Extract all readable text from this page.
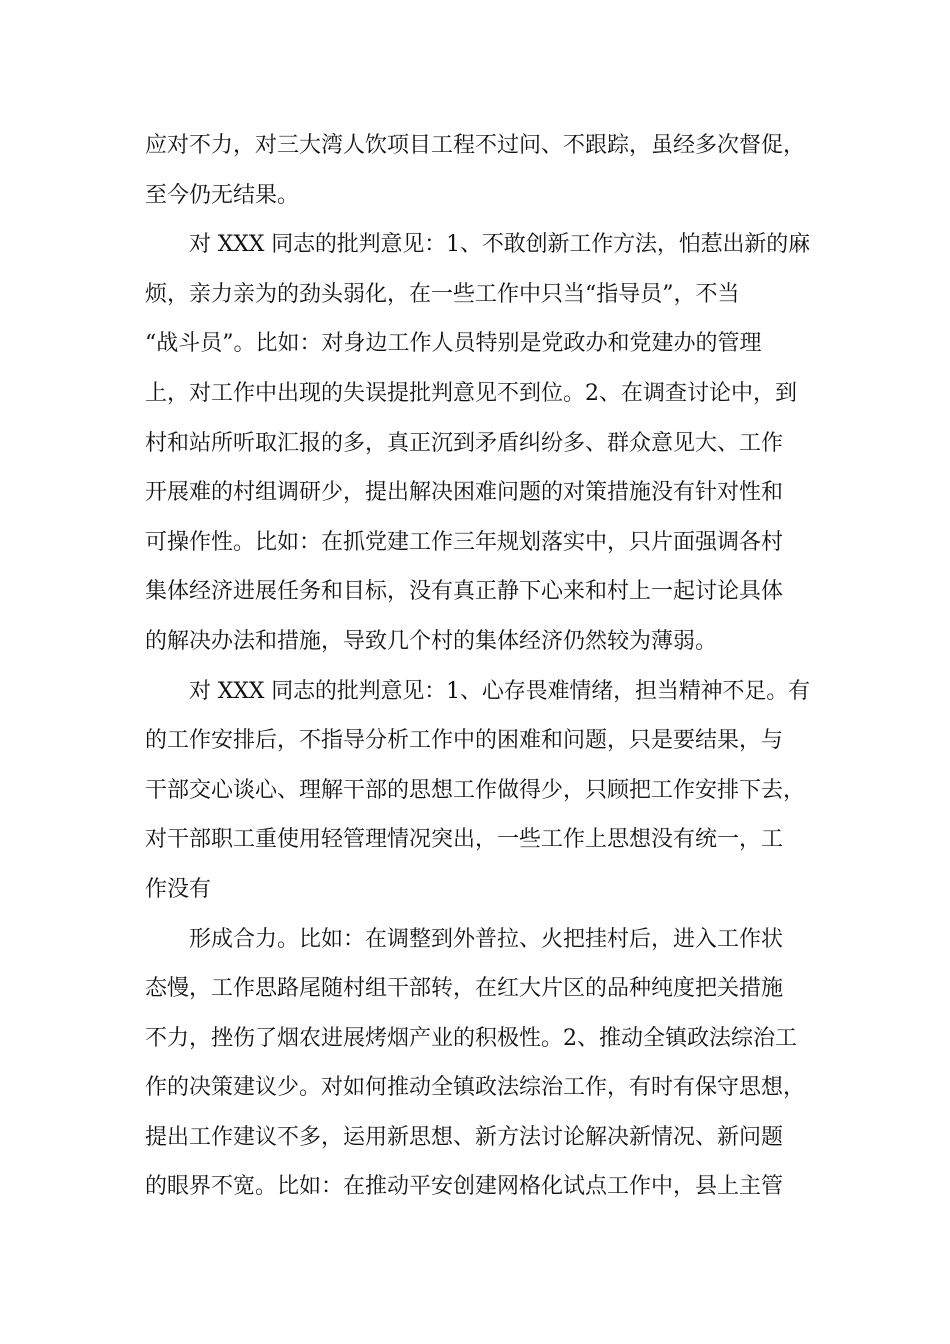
应对不力，对三大湾人饮项目工程不过问、不跟踪，虽经多次督促，
至今仍无结果。
对 XXX 同志的批判意见：1、不敢创新工作方法，怕惹出新的麻
烦，亲力亲为的劲头弱化，在一些工作中只当“指导员”，不当
“战斗员”。比如：对身边工作人员特别是党政办和党建办的管理
上，对工作中出现的失误提批判意见不到位。2、在调查讨论中，到
村和站所听取汇报的多，真正沉到矛盾纠纷多、群众意见大、工作
开展难的村组调研少，提出解决困难问题的对策措施没有针对性和
可操作性。比如：在抓党建工作三年规划落实中，只片面强调各村
集体经济进展任务和目标，没有真正静下心来和村上一起讨论具体
的解决办法和措施，导致几个村的集体经济仍然较为薄弱。
对 XXX 同志的批判意见：1、心存畏难情绪，担当精神不足。有
的工作安排后，不指导分析工作中的困难和问题，只是要结果，与
干部交心谈心、理解干部的思想工作做得少，只顾把工作安排下去，
对干部职工重使用轻管理情况突出，一些工作上思想没有统一，工
作没有
形成合力。比如：在调整到外普拉、火把挂村后，进入工作状
态慢，工作思路尾随村组干部转，在红大片区的品种纯度把关措施
不力，挫伤了烟农进展烤烟产业的积极性。2、推动全镇政法综治工
作的决策建议少。对如何推动全镇政法综治工作，有时有保守思想，
提出工作建议不多，运用新思想、新方法讨论解决新情况、新问题
的眼界不宽。比如：在推动平安创建网格化试点工作中，县上主管
